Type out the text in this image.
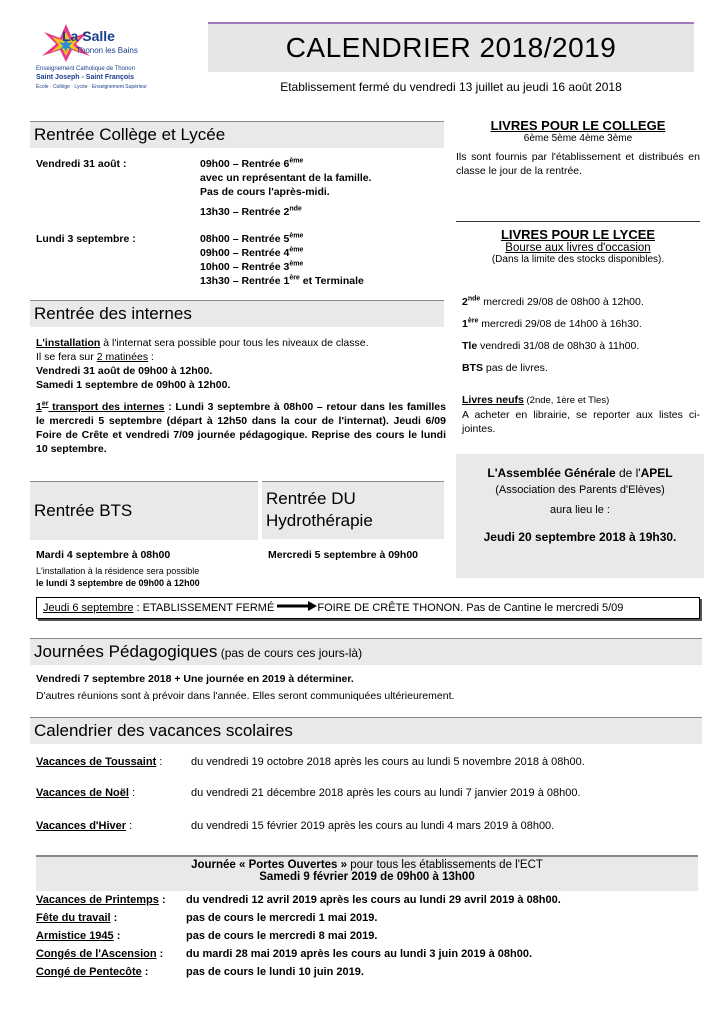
La Salle
Thonon les Bains
Enseignement Catholique de Thonon
Saint Joseph - Saint François
École · Collège · Lycée · Enseignement Supérieur
CALENDRIER 2018/2019
Etablissement fermé du vendredi 13 juillet au jeudi 16 août 2018
Rentrée Collège et Lycée
Vendredi 31 août :	09h00 – Rentrée 6ème
avec un représentant de la famille.
Pas de cours l'après-midi.
13h30 – Rentrée 2nde
Lundi 3 septembre :	08h00 – Rentrée 5ème
09h00 – Rentrée 4ème
10h00 – Rentrée 3ème
13h30 – Rentrée 1ère et Terminale
Rentrée des internes
L'installation à l'internat sera possible pour tous les niveaux de classe.
Il se fera sur 2 matinées :
Vendredi 31 août de 09h00 à 12h00.
Samedi 1 septembre de 09h00 à 12h00.
1er transport des internes : Lundi 3 septembre à 08h00 – retour dans les familles le mercredi 5 septembre (départ à 12h50 dans la cour de l'internat). Jeudi 6/09 Foire de Crête et vendredi 7/09 journée pédagogique. Reprise des cours le lundi 10 septembre.
Rentrée BTS
Rentrée DU Hydrothérapie
Mardi 4 septembre à 08h00
L'installation à la résidence sera possible
le lundi 3 septembre de 09h00 à 12h00
Mercredi 5 septembre à 09h00
LIVRES POUR LE COLLEGE
6ème 5ème 4ème 3ème
Ils sont fournis par l'établissement et distribués en classe le jour de la rentrée.
LIVRES POUR LE LYCEE
Bourse aux livres d'occasion
(Dans la limite des stocks disponibles).
2nde mercredi 29/08 de 08h00 à 12h00.
1ère mercredi 29/08 de 14h00 à 16h30.
Tle vendredi 31/08 de 08h30 à 11h00.
BTS pas de livres.
Livres neufs (2nde, 1ère et Tles)
A acheter en librairie, se reporter aux listes ci-jointes.
L'Assemblée Générale de l'APEL
(Association des Parents d'Elèves)
aura lieu le :
Jeudi 20 septembre 2018 à 19h30.
Jeudi 6 septembre : ETABLISSEMENT FERMÉ	FOIRE DE CRÊTE THONON. Pas de Cantine le mercredi 5/09
Journées Pédagogiques (pas de cours ces jours-là)
Vendredi 7 septembre 2018 + Une journée en 2019 à déterminer.
D'autres réunions sont à prévoir dans l'année. Elles seront communiquées ultérieurement.
Calendrier des vacances scolaires
Vacances de Toussaint :	du vendredi 19 octobre 2018 après les cours au lundi 5 novembre 2018 à 08h00.
Vacances de Noël :	du vendredi 21 décembre 2018 après les cours au lundi 7 janvier 2019 à 08h00.
Vacances d'Hiver :	du vendredi 15 février 2019 après les cours au lundi 4 mars 2019 à 08h00.
Journée « Portes Ouvertes » pour tous les établissements de l'ECT
Samedi 9 février 2019 de 09h00 à 13h00
Vacances de Printemps : du vendredi 12 avril 2019 après les cours au lundi 29 avril 2019 à 08h00.
Fête du travail :	pas de cours le mercredi 1 mai 2019.
Armistice 1945 :	pas de cours le mercredi 8 mai 2019.
Congés de l'Ascension : du mardi 28 mai 2019 après les cours au lundi 3 juin 2019 à 08h00.
Congé de Pentecôte :	pas de cours le lundi 10 juin 2019.
